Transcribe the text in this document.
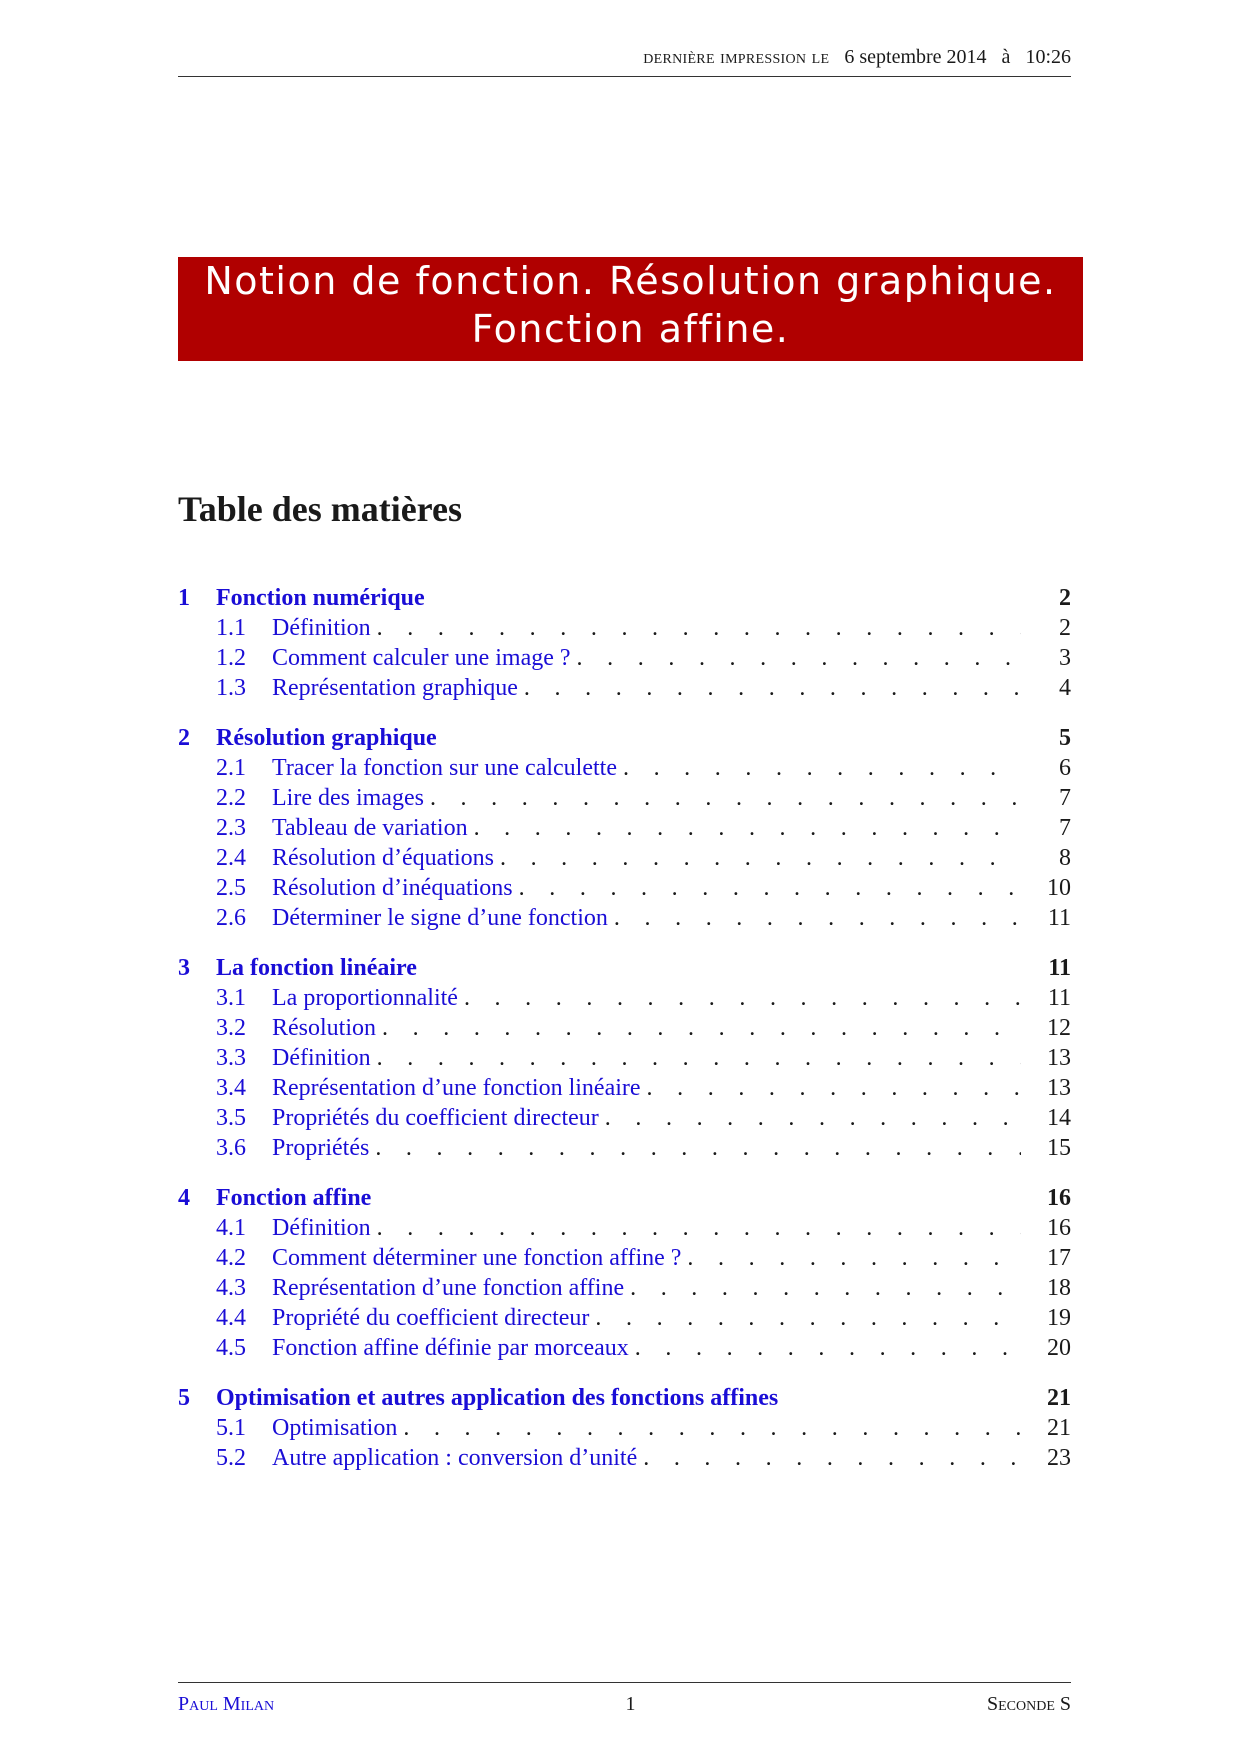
dernière impression le 6 septembre 2014 à 10:26
Notion de fonction. Résolution graphique.
Fonction affine.
Table des matières
1	Fonction numérique	2
1.1	Définition . . .	2
1.2	Comment calculer une image ? . . .	3
1.3	Représentation graphique . . .	4
2	Résolution graphique	5
2.1	Tracer la fonction sur une calculette . . .	6
2.2	Lire des images . . .	7
2.3	Tableau de variation . . .	7
2.4	Résolution d’équations . . .	8
2.5	Résolution d’inéquations . . .	10
2.6	Déterminer le signe d’une fonction . . .	11
3	La fonction linéaire	11
3.1	La proportionnalité . . .	11
3.2	Résolution . . .	12
3.3	Définition . . .	13
3.4	Représentation d’une fonction linéaire . . .	13
3.5	Propriétés du coefficient directeur . . .	14
3.6	Propriétés . . .	15
4	Fonction affine	16
4.1	Définition . . .	16
4.2	Comment déterminer une fonction affine ? . . .	17
4.3	Représentation d’une fonction affine . . .	18
4.4	Propriété du coefficient directeur . . .	19
4.5	Fonction affine définie par morceaux . . .	20
5	Optimisation et autres application des fonctions affines	21
5.1	Optimisation . . .	21
5.2	Autre application : conversion d’unité . . .	23
Paul Milan	1	Seconde S
